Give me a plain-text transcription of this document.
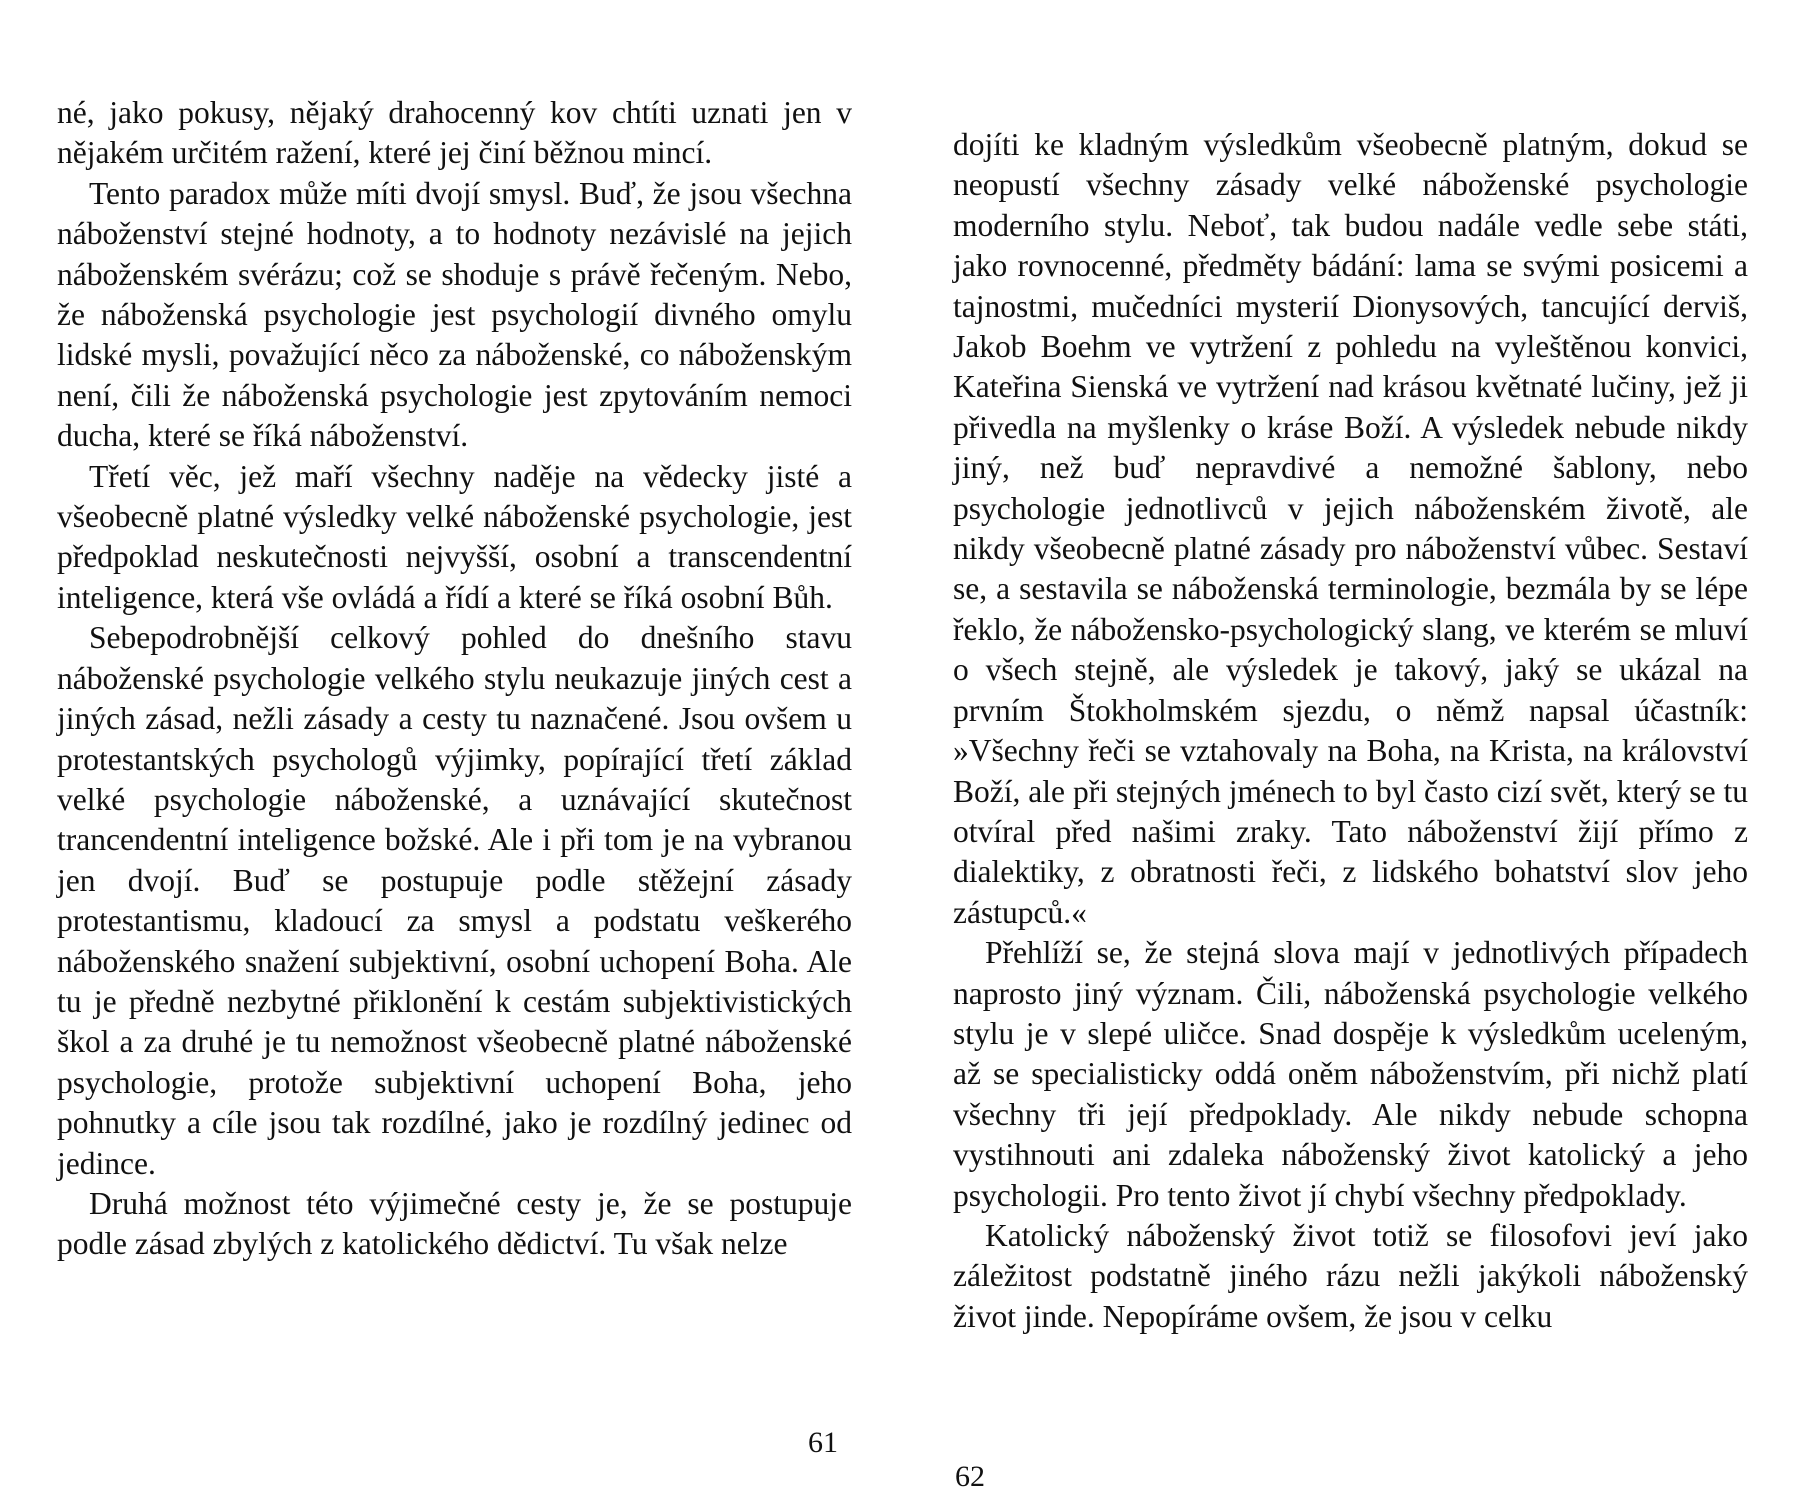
né, jako pokusy, nějaký drahocenný kov chtíti uznati jen v nějakém určitém ražení, které jej činí běžnou mincí.

Tento paradox může míti dvojí smysl. Buď, že jsou všechna náboženství stejné hodnoty, a to hodnoty nezávislé na jejich náboženském svérázu; což se shoduje s právě řečeným. Nebo, že náboženská psychologie jest psychologií divného omylu lidské mysli, považující něco za náboženské, co náboženským není, čili že náboženská psychologie jest zpytováním nemoci ducha, které se říká náboženství.

Třetí věc, jež maří všechny naděje na vědecky jisté a všeobecně platné výsledky velké náboženské psychologie, jest předpoklad neskutečnosti nejvyšší, osobní a transcendentní inteligence, která vše ovládá a řídí a které se říká osobní Bůh.

Sebepodrobnější celkový pohled do dnešního stavu náboženské psychologie velkého stylu neukazuje jiných cest a jiných zásad, nežli zásady a cesty tu naznačené. Jsou ovšem u protestantských psychologů výjimky, popírající třetí základ velké psychologie náboženské, a uznávající skutečnost trancendentní inteligence božské. Ale i při tom je na vybranou jen dvojí. Buď se postupuje podle stěžejní zásady protestantismu, kladoucí za smysl a podstatu veškerého náboženského snažení subjektivní, osobní uchopení Boha. Ale tu je předně nezbytné přiklonění k cestám subjektivistických škol a za druhé je tu nemožnost všeobecně platné náboženské psychologie, protože subjektivní uchopení Boha, jeho pohnutky a cíle jsou tak rozdílné, jako je rozdílný jedinec od jedince.

Druhá možnost této výjimečné cesty je, že se postupuje podle zásad zbylých z katolického dědictví. Tu však nelze

61

dojíti ke kladným výsledkům všeobecně platným, dokud se neopustí všechny zásady velké náboženské psychologie moderního stylu. Neboť, tak budou nadále vedle sebe státi, jako rovnocenné, předměty bádání: lama se svými posicemi a tajnostmi, mučedníci mysterií Dionysových, tancující derviš, Jakob Boehm ve vytržení z pohledu na vyleštěnou konvici, Kateřina Sienská ve vytržení nad krásou květnaté lučiny, jež ji přivedla na myšlenky o kráse Boží. A výsledek nebude nikdy jiný, než buď nepravdivé a nemožné šablony, nebo psychologie jednotlivců v jejich náboženském životě, ale nikdy všeobecně platné zásady pro náboženství vůbec. Sestaví se, a sestavila se náboženská terminologie, bezmála by se lépe řeklo, že nábožensko-psychologický slang, ve kterém se mluví o všech stejně, ale výsledek je takový, jaký se ukázal na prvním Štokholmském sjezdu, o němž napsal účastník: »Všechny řeči se vztahovaly na Boha, na Krista, na království Boží, ale při stejných jménech to byl často cizí svět, který se tu otvíral před našimi zraky. Tato náboženství žijí přímo z dialektiky, z obratnosti řeči, z lidského bohatství slov jeho zástupců.«

Přehlíží se, že stejná slova mají v jednotlivých případech naprosto jiný význam. Čili, náboženská psychologie velkého stylu je v slepé uličce. Snad dospěje k výsledkům uceleným, až se specialisticky oddá oněm náboženstvím, při nichž platí všechny tři její předpoklady. Ale nikdy nebude schopna vystihnouti ani zdaleka náboženský život katolický a jeho psychologii. Pro tento život jí chybí všechny předpoklady.

Katolický náboženský život totiž se filosofovi jeví jako záležitost podstatně jiného rázu nežli jakýkoli náboženský život jinde. Nepopíráme ovšem, že jsou v celku

62
